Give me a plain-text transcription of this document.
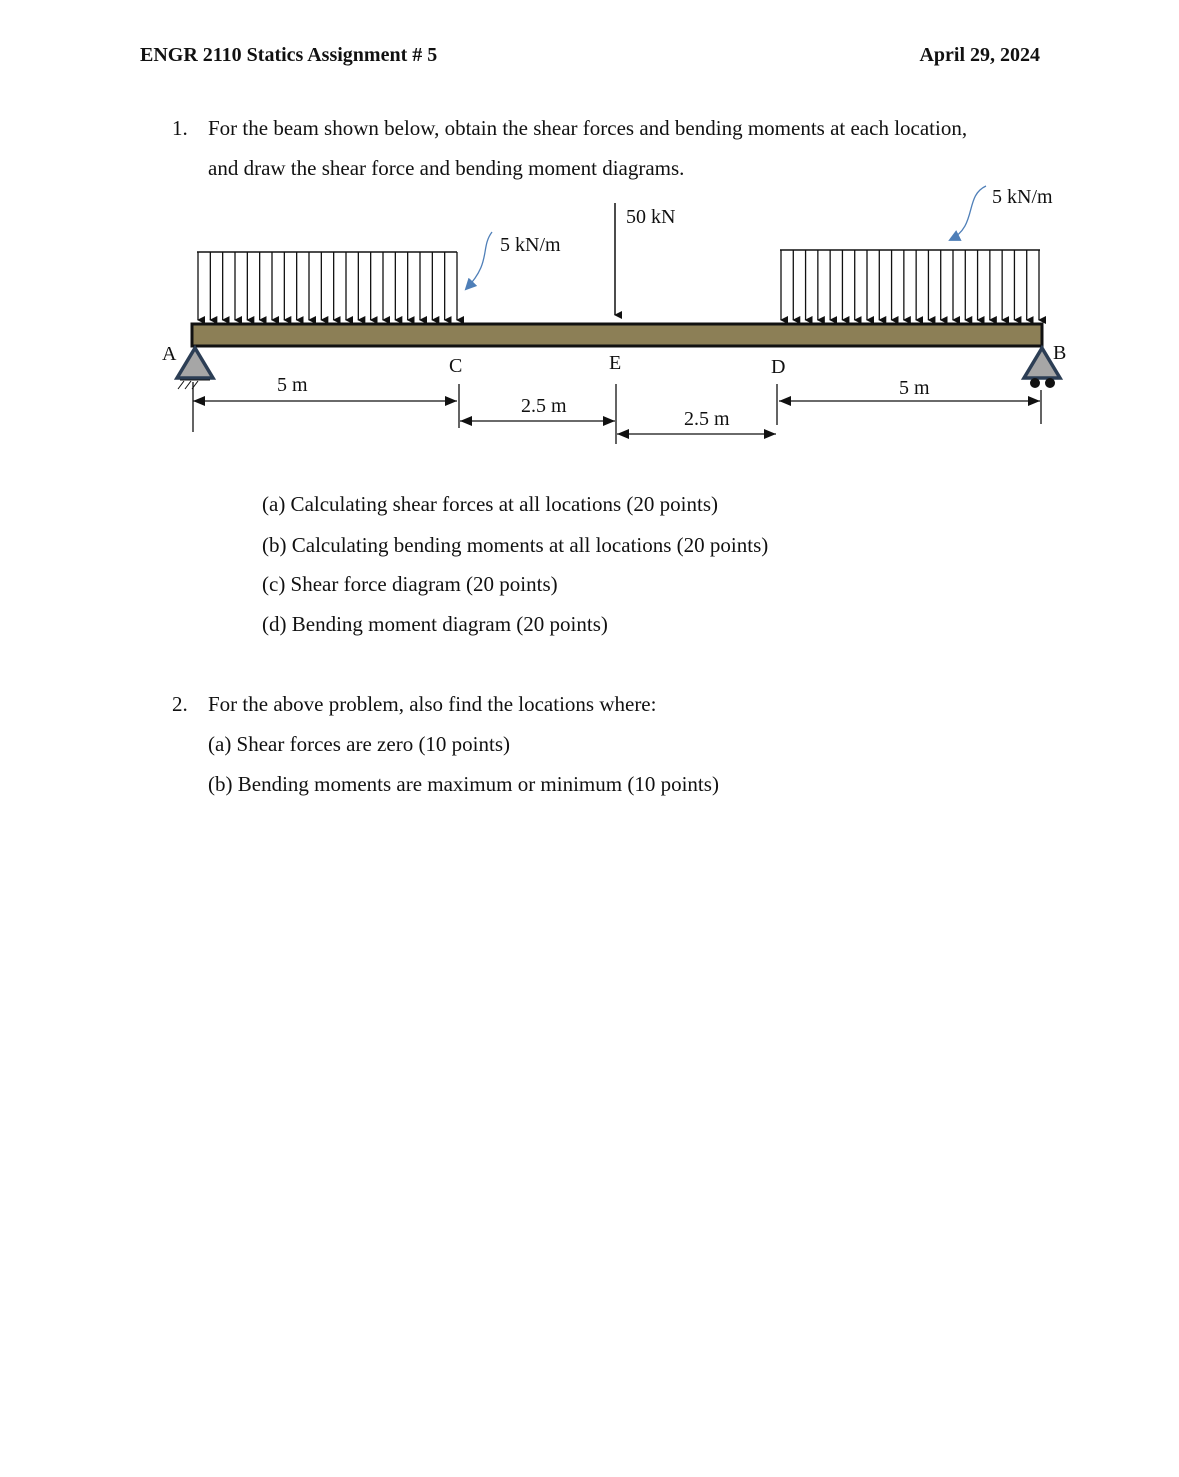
ENGR 2110 Statics Assignment # 5	April 29, 2024
1. For the beam shown below, obtain the shear forces and bending moments at each location,
and draw the shear force and bending moment diagrams.
50 kN
5 kN/m
5 kN/m
A	B
C	E	D
5 m
2.5 m
2.5 m
5 m
(a) Calculating shear forces at all locations (20 points)
(b) Calculating bending moments at all locations (20 points)
(c) Shear force diagram (20 points)
(d) Bending moment diagram (20 points)
2. For the above problem, also find the locations where:
(a) Shear forces are zero (10 points)
(b) Bending moments are maximum or minimum (10 points)
